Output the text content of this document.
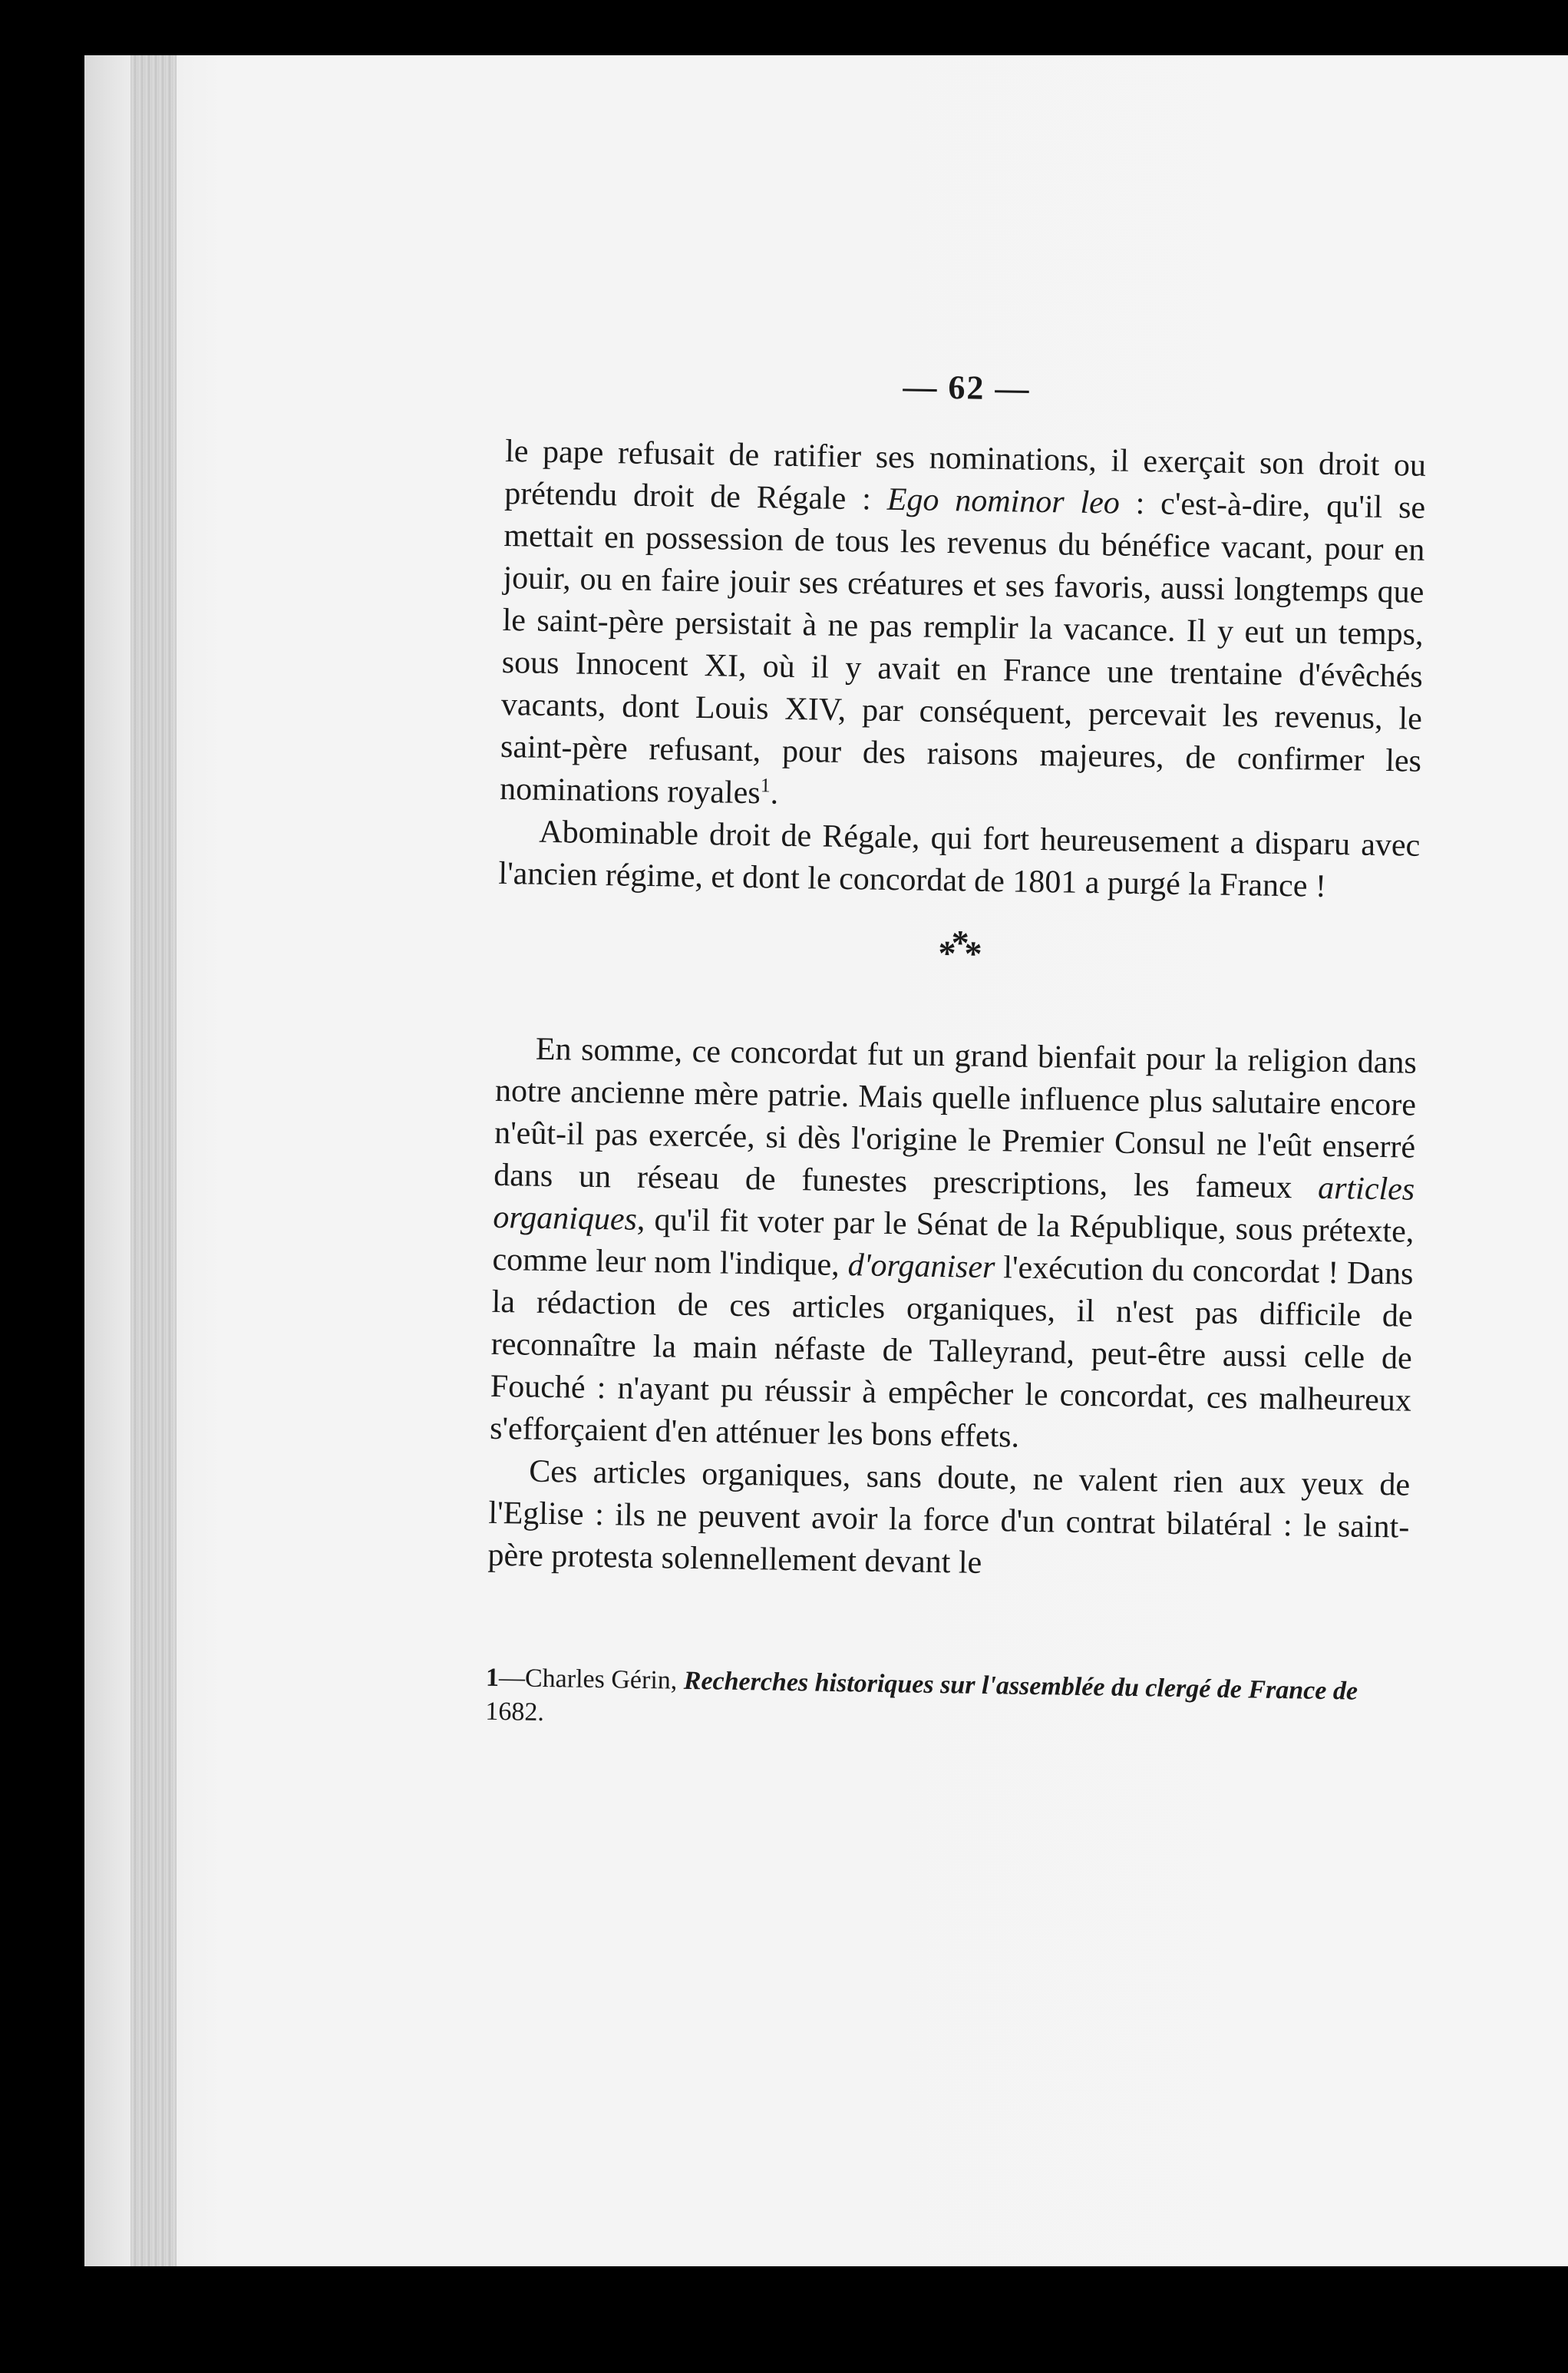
— 62 —

le pape refusait de ratifier ses nominations, il exerçait son droit ou prétendu droit de Régale : Ego nominor leo : c'est-à-dire, qu'il se mettait en possession de tous les revenus du bénéfice vacant, pour en jouir, ou en faire jouir ses créatures et ses favoris, aussi longtemps que le saint-père persistait à ne pas remplir la vacance. Il y eut un temps, sous Innocent XI, où il y avait en France une trentaine d'évêchés vacants, dont Louis XIV, par conséquent, percevait les revenus, le saint-père refusant, pour des raisons majeures, de confirmer les nominations royales$^1$.

Abominable droit de Régale, qui fort heureusement a disparu avec l'ancien régime, et dont le concordat de 1801 a purgé la France !

***

En somme, ce concordat fut un grand bienfait pour la religion dans notre ancienne mère patrie. Mais quelle influence plus salutaire encore n'eût-il pas exercée, si dès l'origine le Premier Consul ne l'eût enserré dans un réseau de funestes prescriptions, les fameux articles organiques, qu'il fit voter par le Sénat de la République, sous prétexte, comme leur nom l'indique, d'organiser l'exécution du concordat ! Dans la rédaction de ces articles organiques, il n'est pas difficile de reconnaître la main néfaste de Talleyrand, peut-être aussi celle de Fouché : n'ayant pu réussir à empêcher le concordat, ces malheureux s'efforçaient d'en atténuer les bons effets.

Ces articles organiques, sans doute, ne valent rien aux yeux de l'Eglise : ils ne peuvent avoir la force d'un contrat bilatéral : le saint-père protesta solennellement devant le

1—Charles Gérin, Recherches historiques sur l'assemblée du clergé de France de 1682.
